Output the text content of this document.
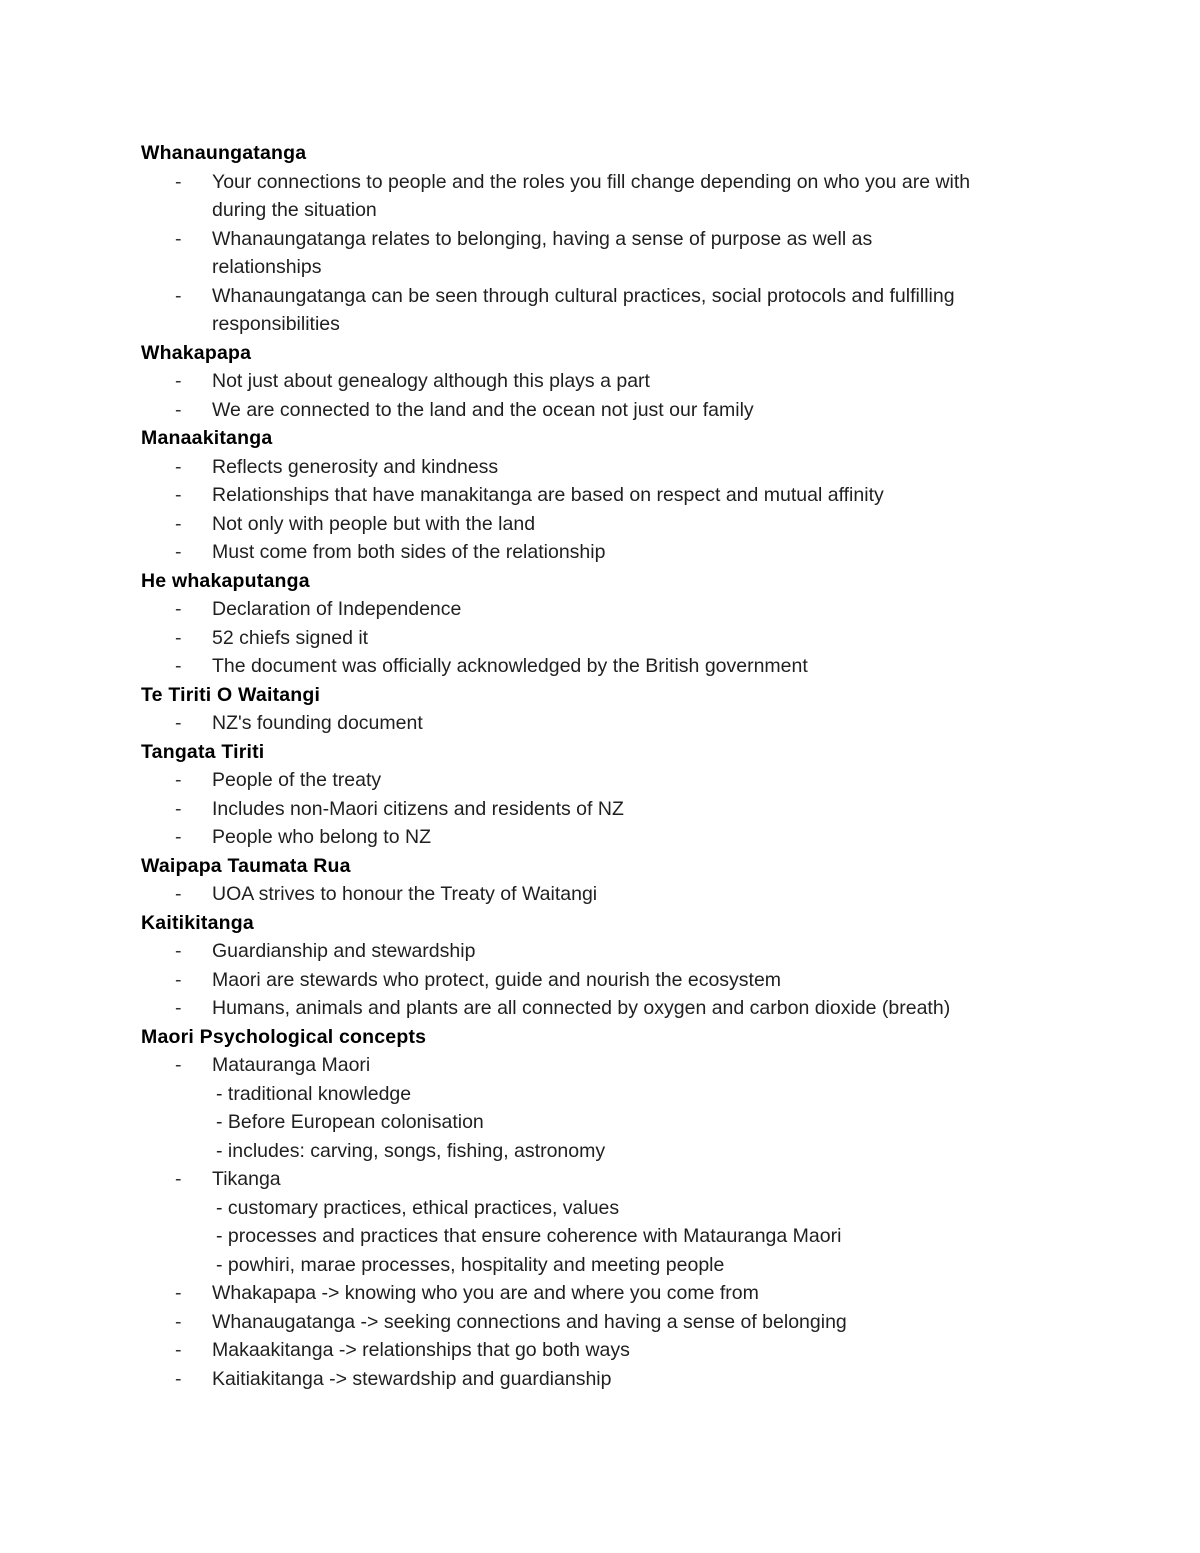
Whanaungatanga
- Your connections to people and the roles you fill change depending on who you are with
during the situation
- Whanaungatanga relates to belonging, having a sense of purpose as well as
relationships
- Whanaungatanga can be seen through cultural practices, social protocols and fulfilling
responsibilities
Whakapapa
- Not just about genealogy although this plays a part
- We are connected to the land and the ocean not just our family
Manaakitanga
- Reflects generosity and kindness
- Relationships that have manakitanga are based on respect and mutual affinity
- Not only with people but with the land
- Must come from both sides of the relationship
He whakaputanga
- Declaration of Independence
- 52 chiefs signed it
- The document was officially acknowledged by the British government
Te Tiriti O Waitangi
- NZ's founding document
Tangata Tiriti
- People of the treaty
- Includes non-Maori citizens and residents of NZ
- People who belong to NZ
Waipapa Taumata Rua
- UOA strives to honour the Treaty of Waitangi
Kaitikitanga
- Guardianship and stewardship
- Maori are stewards who protect, guide and nourish the ecosystem
- Humans, animals and plants are all connected by oxygen and carbon dioxide (breath)
Maori Psychological concepts
- Matauranga Maori
- traditional knowledge
- Before European colonisation
- includes: carving, songs, fishing, astronomy
- Tikanga
- customary practices, ethical practices, values
- processes and practices that ensure coherence with Matauranga Maori
- powhiri, marae processes, hospitality and meeting people
- Whakapapa -> knowing who you are and where you come from
- Whanaugatanga -> seeking connections and having a sense of belonging
- Makaakitanga -> relationships that go both ways
- Kaitiakitanga -> stewardship and guardianship
